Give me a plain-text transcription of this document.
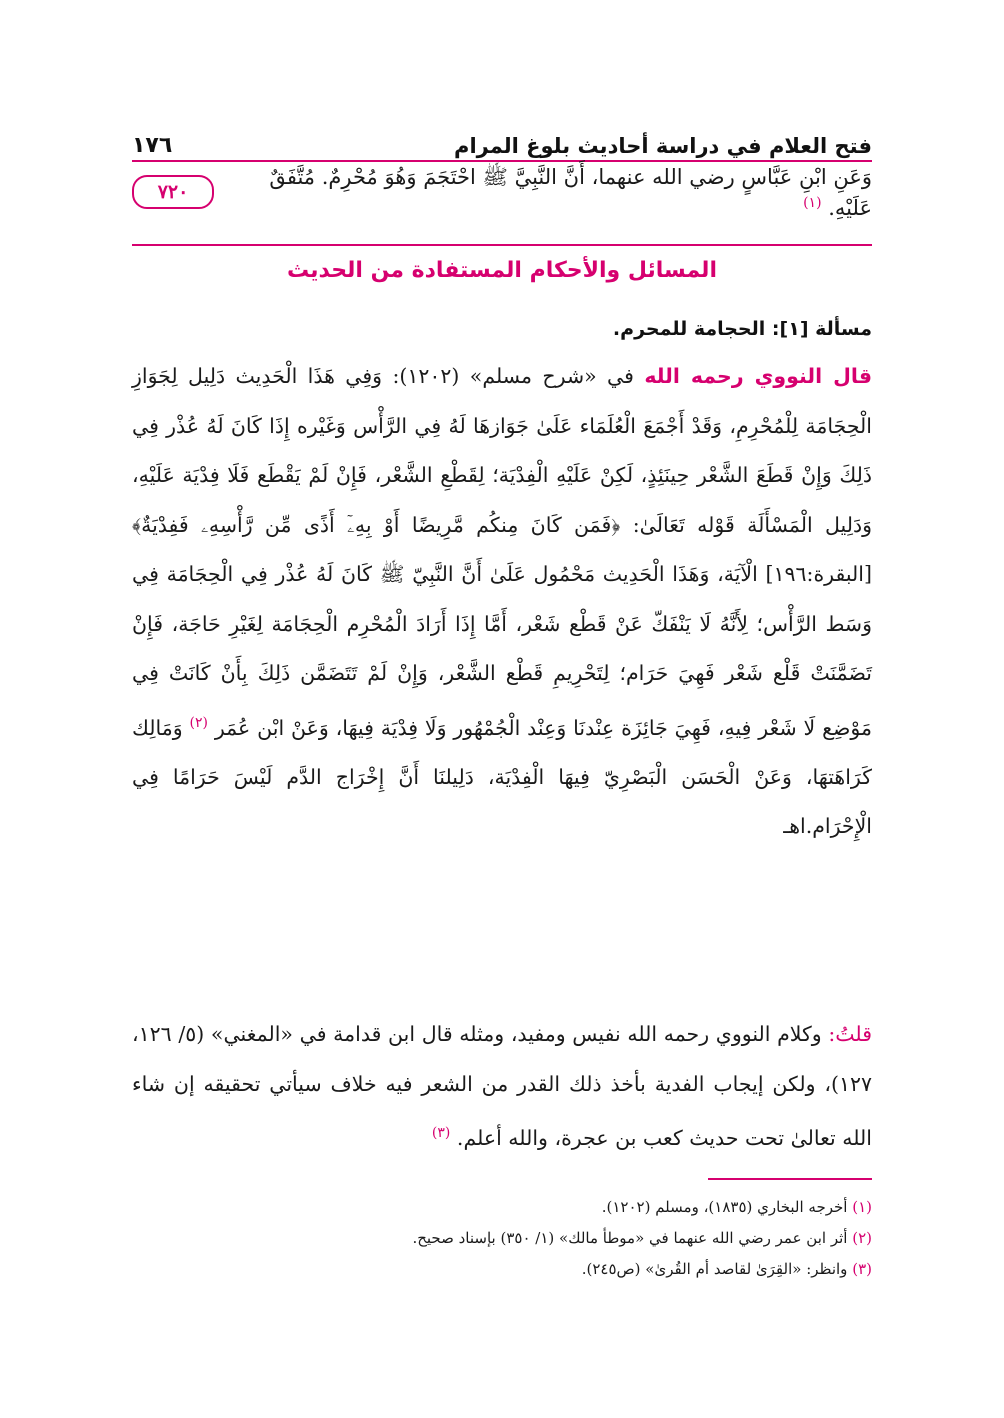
فتح العلام في دراسة أحاديث بلوغ المرام
١٧٦
٧٢٠
وَعَنِ ابْنِ عَبَّاسٍ رضي الله عنهما، أَنَّ النَّبِيَّ ﷺ احْتَجَمَ وَهُوَ مُحْرِمٌ. مُتَّفَقٌ عَلَيْهِ. $^{(١)}$
المسائل والأحكام المستفادة من الحديث
مسألة [١]: الحجامة للمحرم.
قال النووي رحمه الله في «شرح مسلم» (١٢٠٢): وَفِي هَذَا الْحَدِيث دَلِيل لِجَوَازِ الْحِجَامَة لِلْمُحْرِمِ، وَقَدْ أَجْمَعَ الْعُلَمَاء عَلَىٰ جَوَازهَا لَهُ فِي الرَّأْس وَغَيْره إِذَا كَانَ لَهُ عُذْر فِي ذَلِكَ وَإِنْ قَطَعَ الشَّعْر حِينَئِذٍ، لَكِنْ عَلَيْهِ الْفِدْيَة؛ لِقَطْعِ الشَّعْر، فَإِنْ لَمْ يَقْطَع فَلَا فِدْيَة عَلَيْهِ، وَدَلِيل الْمَسْأَلَة قَوْله تَعَالَىٰ: ﴿فَمَن كَانَ مِنكُم مَّرِيضًا أَوْ بِهِۦٓ أَذًى مِّن رَّأْسِهِۦ فَفِدْيَةٌ﴾ [البقرة:١٩٦] الْآيَة، وَهَذَا الْحَدِيث مَحْمُول عَلَىٰ أَنَّ النَّبِيّ ﷺ كَانَ لَهُ عُذْر فِي الْحِجَامَة فِي وَسَط الرَّأْس؛ لِأَنَّهُ لَا يَنْفَكّ عَنْ قَطْع شَعْر، أَمَّا إِذَا أَرَادَ الْمُحْرِم الْحِجَامَة لِغَيْرِ حَاجَة، فَإِنْ تَضَمَّنَتْ قَلْع شَعْر فَهِيَ حَرَام؛ لِتَحْرِيمِ قَطْع الشَّعْر، وَإِنْ لَمْ تَتَضَمَّن ذَلِكَ بِأَنْ كَانَتْ فِي مَوْضِع لَا شَعْر فِيهِ، فَهِيَ جَائِزَة عِنْدنَا وَعِنْد الْجُمْهُور وَلَا فِدْيَة فِيهَا، وَعَنْ ابْن عُمَر $^{(٢)}$ وَمَالِك كَرَاهَتهَا، وَعَنْ الْحَسَن الْبَصْرِيّ فِيهَا الْفِدْيَة، دَلِيلنَا أَنَّ إِخْرَاج الدَّم لَيْسَ حَرَامًا فِي الْإِحْرَام.اهـ
قلتُ: وكلام النووي رحمه الله نفيس ومفيد، ومثله قال ابن قدامة في «المغني» (٥/ ١٢٦، ١٢٧)، ولكن إيجاب الفدية بأخذ ذلك القدر من الشعر فيه خلاف سيأتي تحقيقه إن شاء الله تعالىٰ تحت حديث كعب بن عجرة، والله أعلم. $^{(٣)}$
(١) أخرجه البخاري (١٨٣٥)، ومسلم (١٢٠٢).
(٢) أثر ابن عمر رضي الله عنهما في «موطأ مالك» (١/ ٣٥٠) بإسناد صحيح.
(٣) وانظر: «القِرَىٰ لقاصد أم القُرىٰ» (ص٢٤٥).
